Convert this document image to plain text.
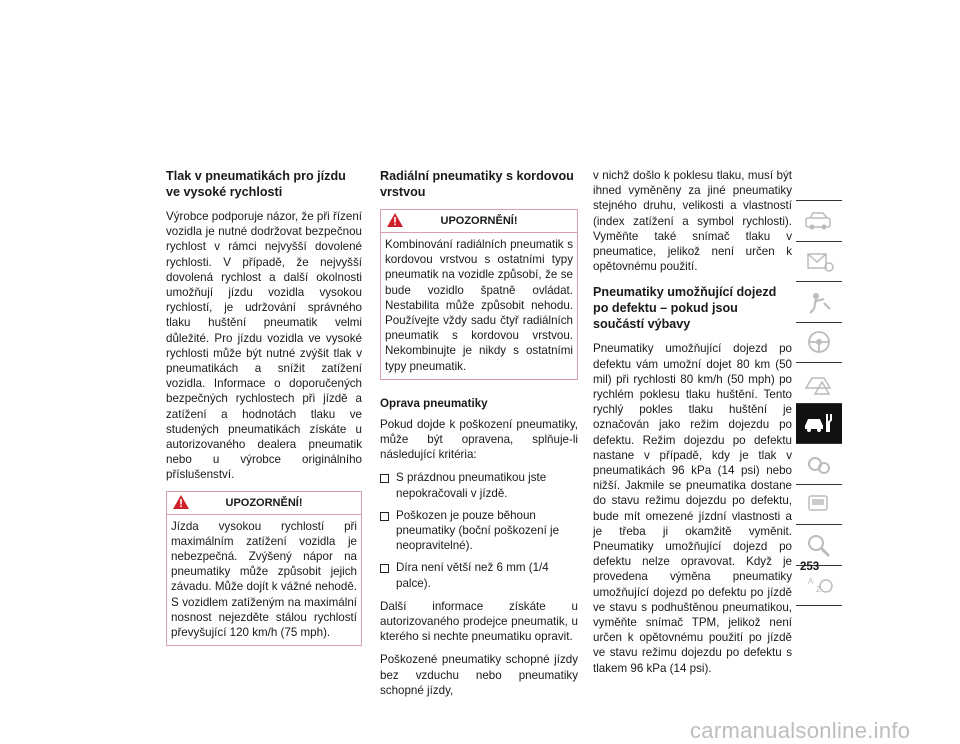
Tlak v pneumatikách pro jízdu ve vysoké rychlosti

Výrobce podporuje názor, že při řízení vozidla je nutné dodržovat bezpečnou rychlost v rámci nejvyšší dovolené rychlosti. V případě, že nejvyšší dovolená rychlost a další okolnosti umožňují jízdu vozidla vysokou rychlostí, je udržování správného tlaku huštění pneumatik velmi důležité. Pro jízdu vozidla ve vysoké rychlosti může být nutné zvýšit tlak v pneumatikách a snížit zatížení vozidla. Informace o doporučených bezpečných rychlostech při jízdě a zatížení a hodnotách tlaku ve studených pneumatikách získáte u autorizovaného dealera pneumatik nebo u výrobce originálního příslušenství.

UPOZORNĚNÍ!
Jízda vysokou rychlostí při maximálním zatížení vozidla je nebezpečná. Zvýšený nápor na pneumatiky může způsobit jejich závadu. Může dojít k vážné nehodě. S vozidlem zatíženým na maximální nosnost nejezděte stálou rychlostí převyšující 120 km/h (75 mph).
Radiální pneumatiky s kordovou vrstvou
UPOZORNĚNÍ!
Kombinování radiálních pneumatik s kordovou vrstvou s ostatními typy pneumatik na vozidle způsobí, že se bude vozidlo špatně ovládat. Nestabilita může způsobit nehodu. Používejte vždy sadu čtyř radiálních pneumatik s kordovou vrstvou. Nekombinujte je nikdy s ostatními typy pneumatik.
Oprava pneumatiky

Pokud dojde k poškození pneumatiky, může být opravena, splňuje-li následující kritéria:

S prázdnou pneumatikou jste nepokračovali v jízdě.
Poškozen je pouze běhoun pneumatiky (boční poškození je neopravitelné).
Díra není větší než 6 mm (1/4 palce).

Další informace získáte u autorizovaného prodejce pneumatik, u kterého si nechte pneumatiku opravit.

Poškozené pneumatiky schopné jízdy bez vzduchu nebo pneumatiky schopné jízdy,

v nichž došlo k poklesu tlaku, musí být ihned vyměněny za jiné pneumatiky stejného druhu, velikosti a vlastností (index zatížení a symbol rychlosti). Vyměňte také snímač tlaku v pneumatice, jelikož není určen k opětovnému použití.

Pneumatiky umožňující dojezd po defektu – pokud jsou součástí výbavy

Pneumatiky umožňující dojezd po defektu vám umožní dojet 80 km (50 mil) při rychlosti 80 km/h (50 mph) po rychlém poklesu tlaku huštění. Tento rychlý pokles tlaku huštění je označován jako režim dojezdu po defektu. Režim dojezdu po defektu nastane v případě, kdy je tlak v pneumatikách 96 kPa (14 psi) nebo nižší. Jakmile se pneumatika dostane do stavu režimu dojezdu po defektu, bude mít omezené jízdní vlastnosti a je třeba ji okamžitě vyměnit. Pneumatiky umožňující dojezd po defektu nelze opravovat. Když je provedena výměna pneumatiky umožňující dojezd po defektu po jízdě ve stavu s podhuštěnou pneumatikou, vyměňte snímač TPM, jelikož není určen k opětovnému použití po jízdě ve stavu režimu dojezdu po defektu s tlakem 96 kPa (14 psi).

A
Z
253
carmanualsonline.info
